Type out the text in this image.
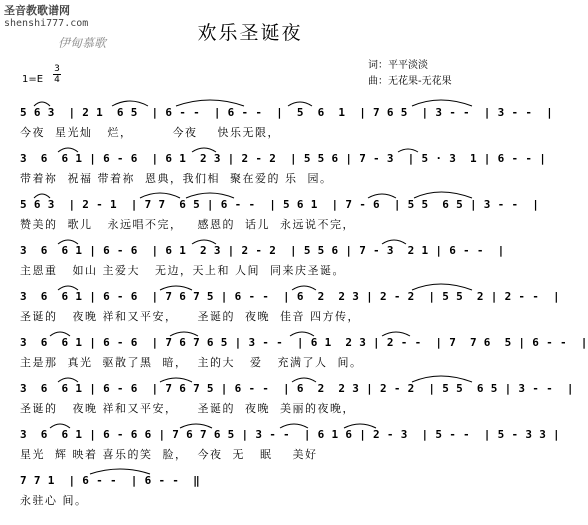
圣音教歌谱网
shenshi777.com
伊甸慕歌	欢乐圣诞夜
词：平平淡淡
曲：无花果-无花果
1=E
3
4
5 6 3  | 2 1  6 5  | 6 - -  | 6 - -  |  5  6  1  | 7 6 5  | 3 - -  | 3 - -  |
今夜  星光灿   烂，        今夜    快乐无限，
3  6  6 1 | 6 - 6  | 6 1  2 3 | 2 - 2  | 5 5 6 | 7 - 3  | 5 · 3  1 | 6 - - |
带着祢  祝福 带着祢  恩典，我们相  聚在爱的 乐  园。
5 6 3  | 2 - 1  | 7 7  6 5 | 6 - -  | 5 6 1  | 7 - 6  | 5 5  6 5 | 3 - -  |
赞美的  歌儿   永远唱不完，   感恩的  话儿  永远说不完，
3  6  6 1 | 6 - 6  | 6 1  2 3 | 2 - 2  | 5 5 6 | 7 - 3  2 1 | 6 - -  |
主恩重   如山 主爱大   无边，天上和 人间  同来庆圣诞。
3  6  6 1 | 6 - 6  | 7 6 7 5 | 6 - -  | 6  2  2 3 | 2 - 2  | 5 5  2 | 2 - -  |
圣诞的   夜晚 祥和又平安，    圣诞的  夜晚  佳音 四方传，
3  6  6 1 | 6 - 6  | 7 6 7 6 5 | 3 - -  | 6 1  2 3 | 2 - -  | 7  7 6  5 | 6 - -  |
主是那  真光  驱散了黑  暗，  主的大   爱   充满了人  间。
3  6  6 1 | 6 - 6  | 7 6 7 5 | 6 - -  | 6  2  2 3 | 2 - 2  | 5 5  6 5 | 3 - -  |
圣诞的   夜晚 祥和又平安，    圣诞的  夜晚  美丽的夜晚，
3  6  6 1 | 6 - 6 6 | 7 6 7 6 5 | 3 - -  | 6 1 6 | 2 - 3  | 5 - -  | 5 - 3 3 |
星光  辉 映着 喜乐的笑  脸，  今夜  无   眠    美好
7 7 1  | 6 - -  | 6 - -  ‖
永驻心 间。
